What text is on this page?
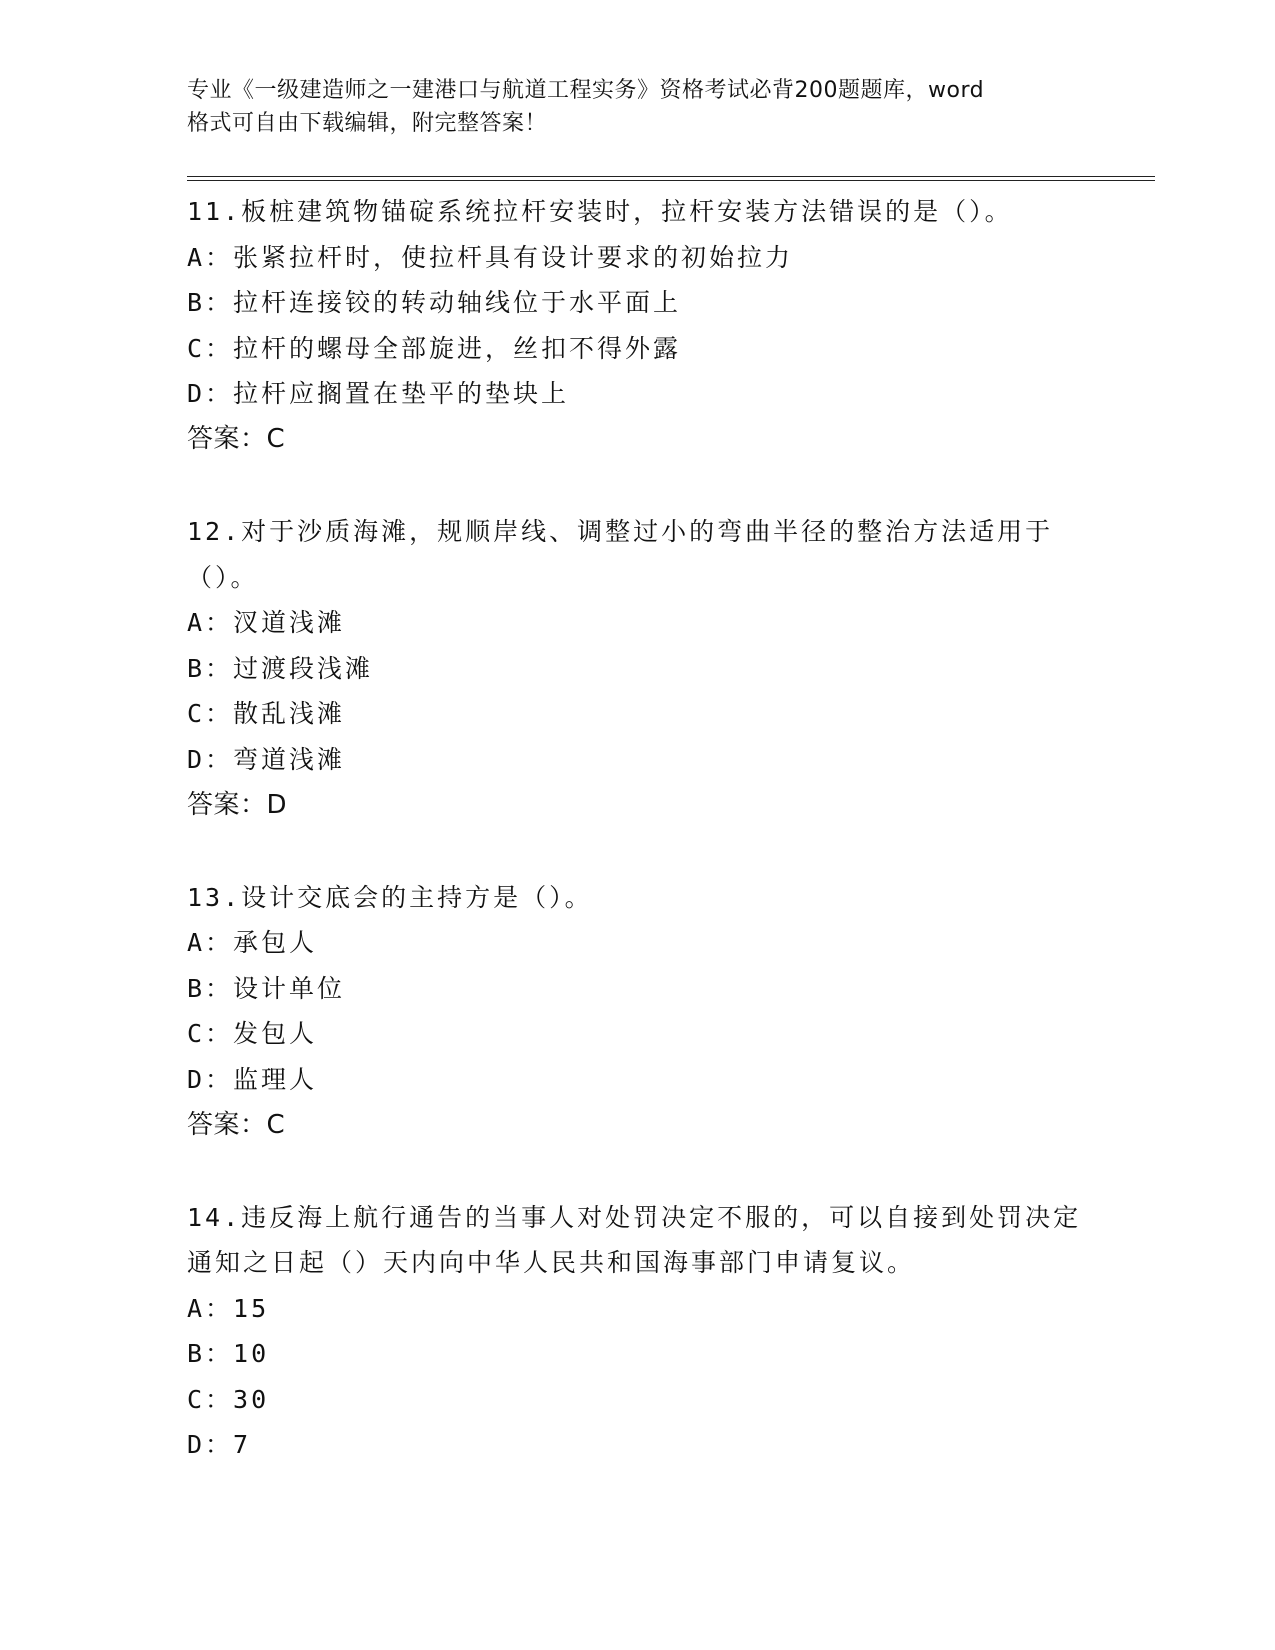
专业《一级建造师之一建港口与航道工程实务》资格考试必背200题题库，word
格式可自由下载编辑，附完整答案！
11.板桩建筑物锚碇系统拉杆安装时，拉杆安装方法错误的是（）。
A：张紧拉杆时，使拉杆具有设计要求的初始拉力
B：拉杆连接铰的转动轴线位于水平面上
C：拉杆的螺母全部旋进，丝扣不得外露
D：拉杆应搁置在垫平的垫块上
答案：C
12.对于沙质海滩，规顺岸线、调整过小的弯曲半径的整治方法适用于（）。
A：汊道浅滩
B：过渡段浅滩
C：散乱浅滩
D：弯道浅滩
答案：D
13.设计交底会的主持方是（）。
A：承包人
B：设计单位
C：发包人
D：监理人
答案：C
14.违反海上航行通告的当事人对处罚决定不服的，可以自接到处罚决定通知之日起（）天内向中华人民共和国海事部门申请复议。
A：15
B：10
C：30
D：7
